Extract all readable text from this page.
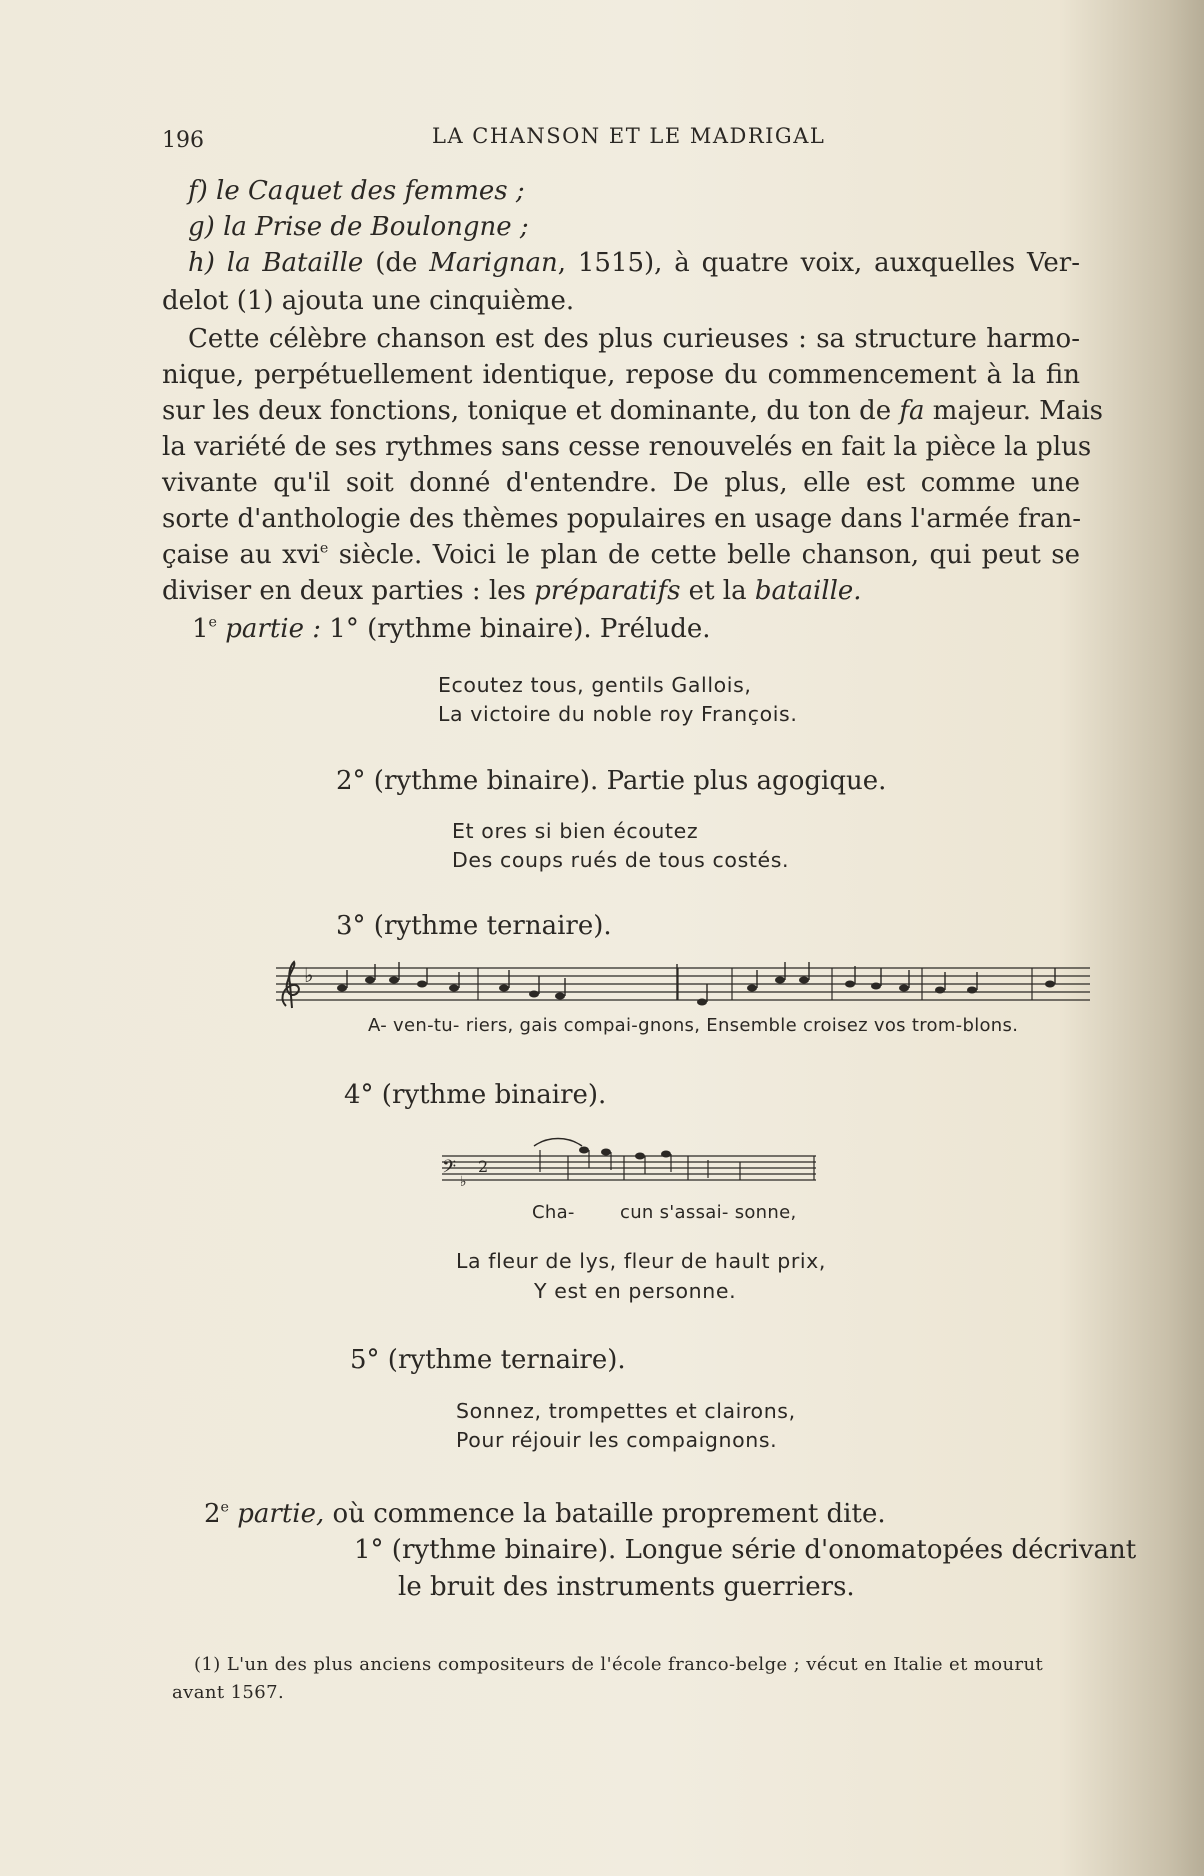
196	LA CHANSON ET LE MADRIGAL
f) le Caquet des femmes ;
g) la Prise de Boulongne ;
h) la Bataille (de Marignan, 1515), à quatre voix, auxquelles Ver-
delot (1) ajouta une cinquième.
Cette célèbre chanson est des plus curieuses : sa structure harmo-
nique, perpétuellement identique, repose du commencement à la fin
sur les deux fonctions, tonique et dominante, du ton de fa majeur. Mais
la variété de ses rythmes sans cesse renouvelés en fait la pièce la plus
vivante qu'il soit donné d'entendre. De plus, elle est comme une
sorte d'anthologie des thèmes populaires en usage dans l'armée fran-
çaise au xvi$^e$ siècle. Voici le plan de cette belle chanson, qui peut se
diviser en deux parties : les préparatifs et la bataille.
1e partie : 1° (rythme binaire). Prélude.
Ecoutez tous, gentils Gallois,
La victoire du noble roy François.
2° (rythme binaire). Partie plus agogique.
Et ores si bien écoutez
Des coups rués de tous costés.
3° (rythme ternaire).
♭
A- ven-tu- riers, gais compai-gnons, Ensemble croisez vos trom-blons.
4° (rythme binaire).
𝄢 ♭
2
Cha-	cun s'assai- sonne,
La fleur de lys, fleur de hault prix,
Y est en personne.
5° (rythme ternaire).
Sonnez, trompettes et clairons,
Pour réjouir les compaignons.
2e partie, où commence la bataille proprement dite.
1° (rythme binaire). Longue série d'onomatopées décrivant
le bruit des instruments guerriers.
(1) L'un des plus anciens compositeurs de l'école franco-belge ; vécut en Italie et mourut
avant 1567.
